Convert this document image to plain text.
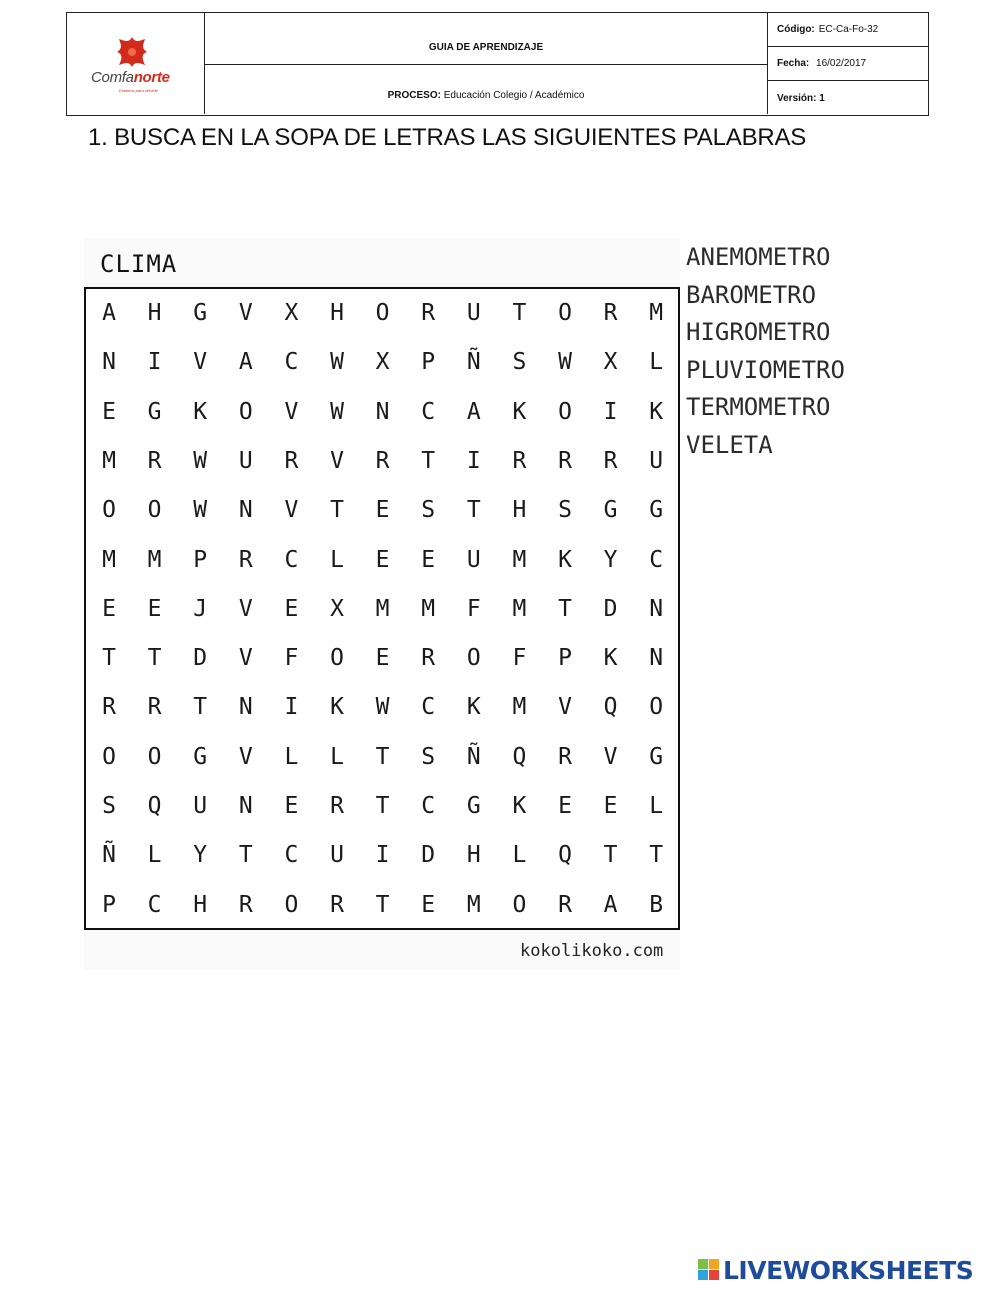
Comfanorte
Estamos para servirte
GUIA DE APRENDIZAJE
PROCESO:
Educación Colegio / Académico
Código: EC-Ca-Fo-32
Fecha:
16/02/2017
Versión: 1
1. BUSCA EN LA SOPA DE LETRAS LAS SIGUIENTES PALABRAS
CLIMA
A	H	G	V	X	H	O	R	U	T	O	R	M
N	I	V	A	C	W	X	P	Ñ	S	W	X	L
E	G	K	O	V	W	N	C	A	K	O	I	K
M	R	W	U	R	V	R	T	I	R	R	R	U
O	O	W	N	V	T	E	S	T	H	S	G	G
M	M	P	R	C	L	E	E	U	M	K	Y	C
E	E	J	V	E	X	M	M	F	M	T	D	N
T	T	D	V	F	O	E	R	O	F	P	K	N
R	R	T	N	I	K	W	C	K	M	V	Q	O
O	O	G	V	L	L	T	S	Ñ	Q	R	V	G
S	Q	U	N	E	R	T	C	G	K	E	E	L
Ñ	L	Y	T	C	U	I	D	H	L	Q	T	T
P	C	H	R	O	R	T	E	M	O	R	A	B
kokolikoko.com
ANEMOMETRO
BAROMETRO
HIGROMETRO
PLUVIOMETRO
TERMOMETRO
VELETA
LIVEWORKSHEETS
